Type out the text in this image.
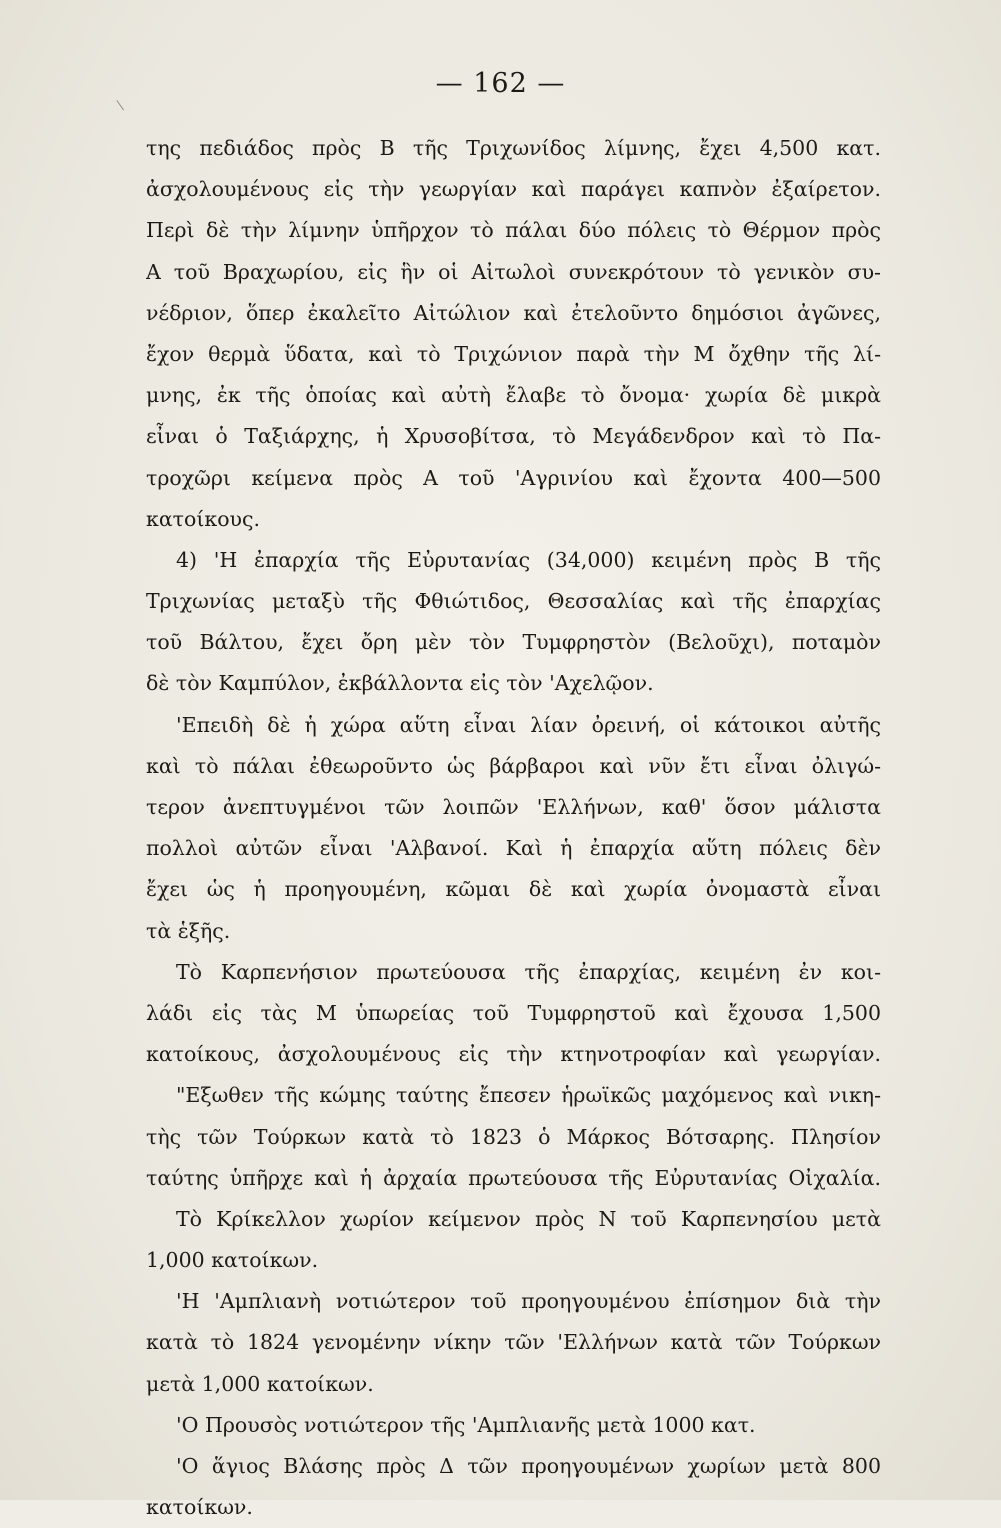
— 162 —
της πεδιάδος πρὸς Β τῆς Τριχωνίδος λίμνης, ἔχει 4,500 κατ.
ἀσχολουμένους εἰς τὴν γεωργίαν καὶ παράγει καπνὸν ἐξαίρετον.
Περὶ δὲ τὴν λίμνην ὑπῆρχον τὸ πάλαι δύο πόλεις τὸ Θέρμον πρὸς
Α τοῦ Βραχωρίου, εἰς ἣν οἱ Αἰτωλοὶ συνεκρότουν τὸ γενικὸν συ-
νέδριον, ὅπερ ἐκαλεῖτο Αἰτώλιον καὶ ἐτελοῦντο δημόσιοι ἀγῶνες,
ἔχον θερμὰ ὕδατα, καὶ τὸ Τριχώνιον παρὰ τὴν Μ ὄχθην τῆς λί-
μνης, ἐκ τῆς ὁποίας καὶ αὐτὴ ἔλαβε τὸ ὄνομα· χωρία δὲ μικρὰ
εἶναι ὁ Ταξιάρχης, ἡ Χρυσοβίτσα, τὸ Μεγάδενδρον καὶ τὸ Πα-
τροχῶρι κείμενα πρὸς Α τοῦ 'Αγρινίου καὶ ἔχοντα 400—500
κατοίκους.
4) 'Η ἐπαρχία τῆς Εὐρυτανίας (34,000) κειμένη πρὸς Β τῆς
Τριχωνίας μεταξὺ τῆς Φθιώτιδος, Θεσσαλίας καὶ τῆς ἐπαρχίας
τοῦ Βάλτου, ἔχει ὄρη μὲν τὸν Τυμφρηστὸν (Βελοῦχι), ποταμὸν
δὲ τὸν Καμπύλον, ἐκβάλλοντα εἰς τὸν 'Αχελῷον.
'Επειδὴ δὲ ἡ χώρα αὕτη εἶναι λίαν ὀρεινή, οἱ κάτοικοι αὐτῆς
καὶ τὸ πάλαι ἐθεωροῦντο ὡς βάρβαροι καὶ νῦν ἔτι εἶναι ὀλιγώ-
τερον ἀνεπτυγμένοι τῶν λοιπῶν 'Ελλήνων, καθ' ὅσον μάλιστα
πολλοὶ αὐτῶν εἶναι 'Αλβανοί. Καὶ ἡ ἐπαρχία αὕτη πόλεις δὲν
ἔχει ὡς ἡ προηγουμένη, κῶμαι δὲ καὶ χωρία ὀνομαστὰ εἶναι
τὰ ἑξῆς.
Τὸ Καρπενήσιον πρωτεύουσα τῆς ἐπαρχίας, κειμένη ἐν κοι-
λάδι εἰς τὰς Μ ὑπωρείας τοῦ Τυμφρηστοῦ καὶ ἔχουσα 1,500
κατοίκους, ἀσχολουμένους εἰς τὴν κτηνοτροφίαν καὶ γεωργίαν.
"Εξωθεν τῆς κώμης ταύτης ἔπεσεν ἡρωϊκῶς μαχόμενος καὶ νικη-
τὴς τῶν Τούρκων κατὰ τὸ 1823 ὁ Μάρκος Βότσαρης. Πλησίον
ταύτης ὑπῆρχε καὶ ἡ ἀρχαία πρωτεύουσα τῆς Εὐρυτανίας Οἰχαλία.
Τὸ Κρίκελλον χωρίον κείμενον πρὸς Ν τοῦ Καρπενησίου μετὰ
1,000 κατοίκων.
'Η 'Αμπλιανὴ νοτιώτερον τοῦ προηγουμένου ἐπίσημον διὰ τὴν
κατὰ τὸ 1824 γενομένην νίκην τῶν 'Ελλήνων κατὰ τῶν Τούρκων
μετὰ 1,000 κατοίκων.
'Ο Προυσὸς νοτιώτερον τῆς 'Αμπλιανῆς μετὰ 1000 κατ.
'Ο ἅγιος Βλάσης πρὸς Δ τῶν προηγουμένων χωρίων μετὰ 800
κατοίκων.
